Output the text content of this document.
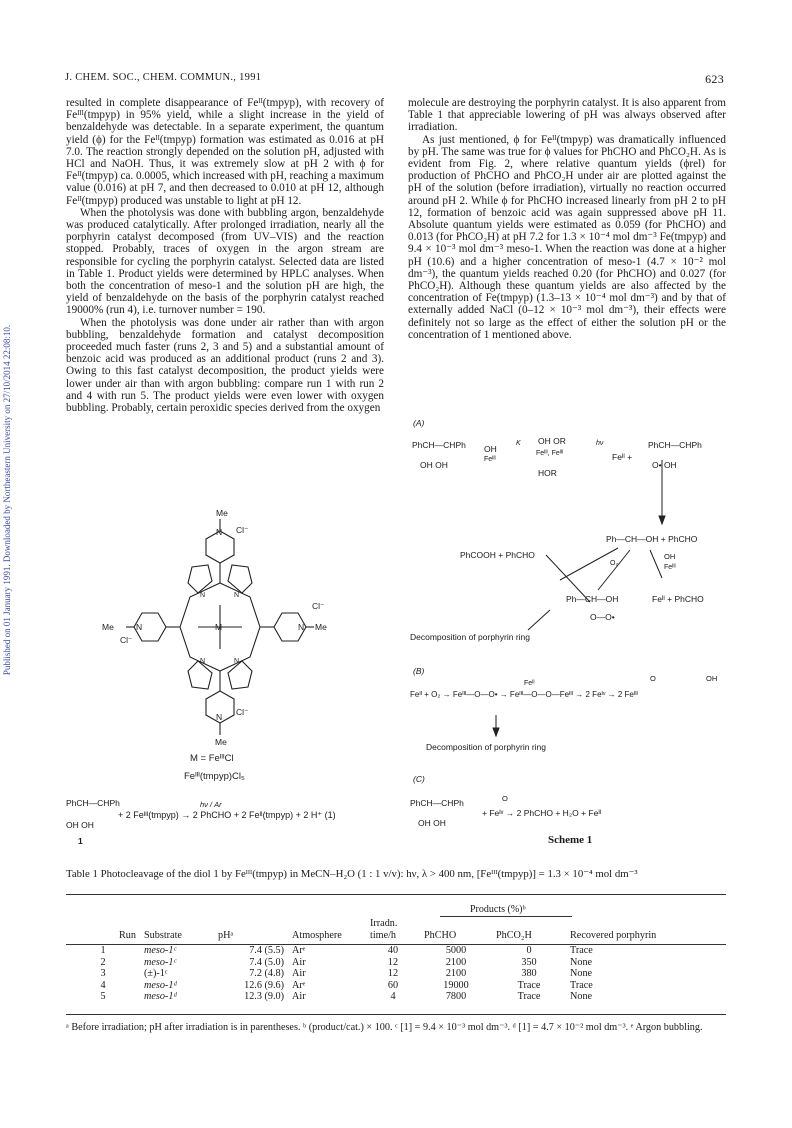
J. CHEM. SOC., CHEM. COMMUN., 1991	623
Published on 01 January 1991. Downloaded by Northeastern University on 27/10/2014 22:08:10.

resulted in complete disappearance of Feᴵᴵ(tmpyp), with recovery of Feᴵᴵᴵ(tmpyp) in 95% yield, while a slight increase in the yield of benzaldehyde was detectable. In a separate experiment, the quantum yield (ϕ) for the Feᴵᴵ(tmpyp) formation was estimated as 0.016 at pH 7.0. The reaction strongly depended on the solution pH, adjusted with HCl and NaOH. Thus, it was extremely slow at pH 2 with ϕ for Feᴵᴵ(tmpyp) ca. 0.0005, which increased with pH, reaching a maximum value (0.016) at pH 7, and then decreased to 0.010 at pH 12, although Feᴵᴵ(tmpyp) produced was unstable to light at pH 12.

When the photolysis was done with bubbling argon, benzaldehyde was produced catalytically. After prolonged irradiation, nearly all the porphyrin catalyst decomposed (from UV–VIS) and the reaction stopped. Probably, traces of oxygen in the argon stream are responsible for cycling the porphyrin catalyst. Selected data are listed in Table 1. Product yields were determined by HPLC analyses. When both the concentration of meso-1 and the solution pH are high, the yield of benzaldehyde on the basis of the porphyrin catalyst reached 19000% (run 4), i.e. turnover number = 190.

When the photolysis was done under air rather than with argon bubbling, benzaldehyde formation and catalyst decomposition proceeded much faster (runs 2, 3 and 5) and a substantial amount of benzoic acid was produced as an additional product (runs 2 and 3). Owing to this fast catalyst decomposition, the product yields were lower under air than with argon bubbling: compare run 1 with run 2 and 4 with run 5. The product yields were even lower with oxygen bubbling. Probably, certain peroxidic species derived from the oxygen

molecule are destroying the porphyrin catalyst. It is also apparent from Table 1 that appreciable lowering of pH was always observed after irradiation.

As just mentioned, ϕ for Feᴵᴵ(tmpyp) was dramatically influenced by pH. The same was true for ϕ values for PhCHO and PhCO₂H. As is evident from Fig. 2, where relative quantum yields (ϕrel) for production of PhCHO and PhCO₂H under air are plotted against the pH of the solution (before irradiation), virtually no reaction occurred around pH 2. While ϕ for PhCHO increased linearly from pH 2 to pH 12, formation of benzoic acid was again suppressed above pH 11. Absolute quantum yields were estimated as 0.059 (for PhCHO) and 0.013 (for PhCO₂H) at pH 7.2 for 1.3 × 10⁻⁴ mol dm⁻³ Fe(tmpyp) and 9.4 × 10⁻³ mol dm⁻³ meso-1. When the reaction was done at a higher pH (10.6) and a higher concentration of meso-1 (4.7 × 10⁻² mol dm⁻³), the quantum yields reached 0.20 (for PhCHO) and 0.027 (for PhCO₂H). Although these quantum yields are also affected by the concentration of Fe(tmpyp) (1.3–13 × 10⁻⁴ mol dm⁻³) and by that of externally added NaCl (0–12 × 10⁻³ mol dm⁻³), their effects were definitely not so large as the effect of either the solution pH or the concentration of 1 mentioned above.

Me
N Cl⁻
N Cl⁻
Me
Me	N
Cl⁻
N Me
Cl⁻
M
N	N
N	N
M = FeᴵᴵᴵCl
Feᴵᴵᴵ(tmpyp)Cl₅
PhCH—CHPh
OH OH
1
hν / Ar
+ 2 Feᴵᴵᴵ(tmpyp) → 2 PhCHO + 2 Feᴵᴵ(tmpyp) + 2 H⁺ (1)
(A)
PhCH—CHPh
OH OH
OH
Feᴵᴵᴵ
K OH OR
Feᴵᴵᴵ, Feᴵᴵᴵ
HOR
hν
Feᴵᴵ +
PhCH—CHPh
O• OH
Ph—CH—OH + PhCHO
PhCOOH + PhCHO
O₂
OH
Feᴵᴵᴵ
Ph—CH—OH
O—O•
Feᴵᴵ + PhCHO
Decomposition of porphyrin ring
(B)
Feᴵᴵ + O₂ → Feᴵᴵᴵ—O—O• → Feᴵᴵᴵ—O—O—Feᴵᴵᴵ → 2 Feᴵᵛ → 2 Feᴵᴵᴵ
Feᴵᴵ
O	OH
Decomposition of porphyrin ring
(C)
PhCH—CHPh
OH OH
O
+ Feᴵᵛ → 2 PhCHO + H₂O + Feᴵᴵ
Scheme 1
Table 1 Photocleavage of the diol 1 by Feᴵᴵᴵ(tmpyp) in MeCN–H₂O (1 : 1 v/v): hν, λ > 400 nm, [Feᴵᴵᴵ(tmpyp)] = 1.3 × 10⁻⁴ mol dm⁻³
Products (%)ᵇ
Run	Substrate	pHᵃ	Atmosphere	Irradn. time/h	PhCHO	PhCO₂H	Recovered porphyrin

1	meso-1ᶜ	7.4 (5.5)	Arᵉ	40	5000	0	Trace
2	meso-1ᶜ	7.4 (5.0)	Air	12	2100	350	None
3	(±)-1ᶜ	7.2 (4.8)	Air	12	2100	380	None
4	meso-1ᵈ	12.6 (9.6)	Arᵉ	60	19000	Trace	Trace
5	meso-1ᵈ	12.3 (9.0)	Air	4	7800	Trace	None
ᵃ Before irradiation; pH after irradiation is in parentheses. ᵇ (product/cat.) × 100. ᶜ [1] = 9.4 × 10⁻³ mol dm⁻³. ᵈ [1] = 4.7 × 10⁻² mol dm⁻³. ᵉ Argon bubbling.
